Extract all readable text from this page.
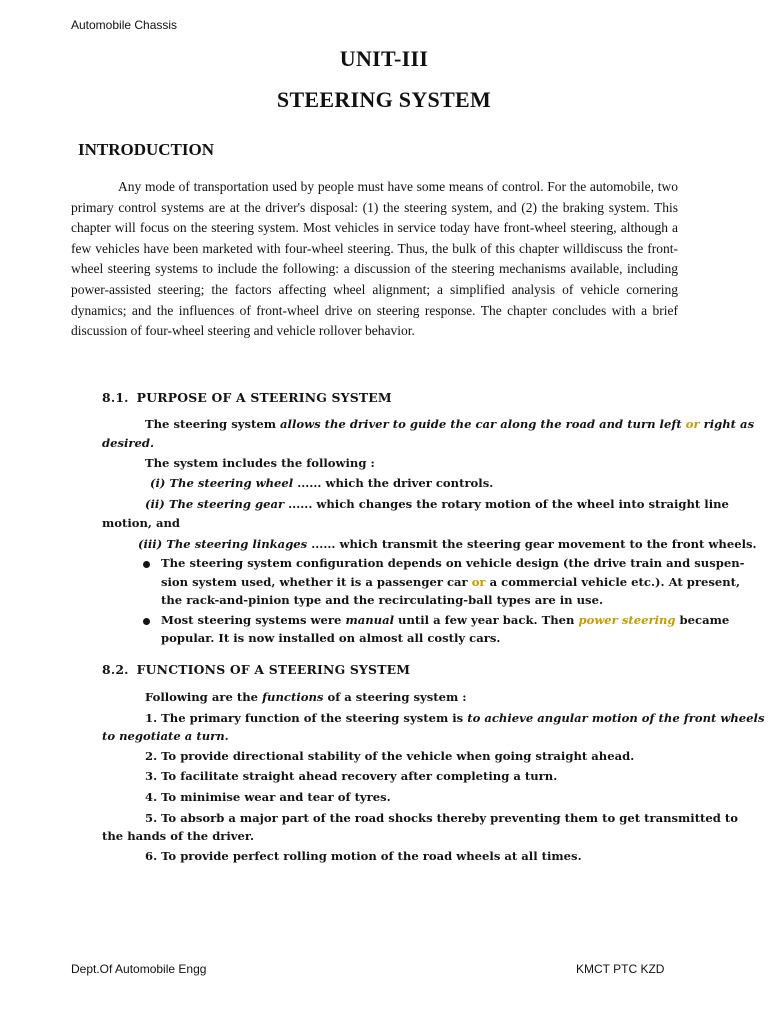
Automobile Chassis
UNIT-III
STEERING SYSTEM
INTRODUCTION

Any mode of transportation used by people must have some means of control. For the automobile, two primary control systems are at the driver's disposal: (1) the steering system, and (2) the braking system. This chapter will focus on the steering system. Most vehicles in service today have front-wheel steering, although a few vehicles have been marketed with four-wheel steering. Thus, the bulk of this chapter willdiscuss the front-wheel steering systems to include the following: a discussion of the steering mechanisms available, including power-assisted steering; the factors affecting wheel alignment; a simplified analysis of vehicle cornering dynamics; and the influences of front-wheel drive on steering response. The chapter concludes with a brief discussion of four-wheel steering and vehicle rollover behavior.

8.1. PURPOSE OF A STEERING SYSTEM
The steering system allows the driver to guide the car along the road and turn left or right as
desired.
The system includes the following :
(i) The steering wheel ...... which the driver controls.
(ii) The steering gear ...... which changes the rotary motion of the wheel into straight line
motion, and
(iii) The steering linkages ...... which transmit the steering gear movement to the front wheels.
The steering system configuration depends on vehicle design (the drive train and suspen-
sion system used, whether it is a passenger car or a commercial vehicle etc.). At present,
the rack-and-pinion type and the recirculating-ball types are in use.
Most steering systems were manual until a few year back. Then power steering became
popular. It is now installed on almost all costly cars.
8.2. FUNCTIONS OF A STEERING SYSTEM
Following are the functions of a steering system :
1. The primary function of the steering system is to achieve angular motion of the front wheels
to negotiate a turn.
2. To provide directional stability of the vehicle when going straight ahead.
3. To facilitate straight ahead recovery after completing a turn.
4. To minimise wear and tear of tyres.
5. To absorb a major part of the road shocks thereby preventing them to get transmitted to
the hands of the driver.
6. To provide perfect rolling motion of the road wheels at all times.
Dept.Of Automobile Engg	KMCT PTC KZD
